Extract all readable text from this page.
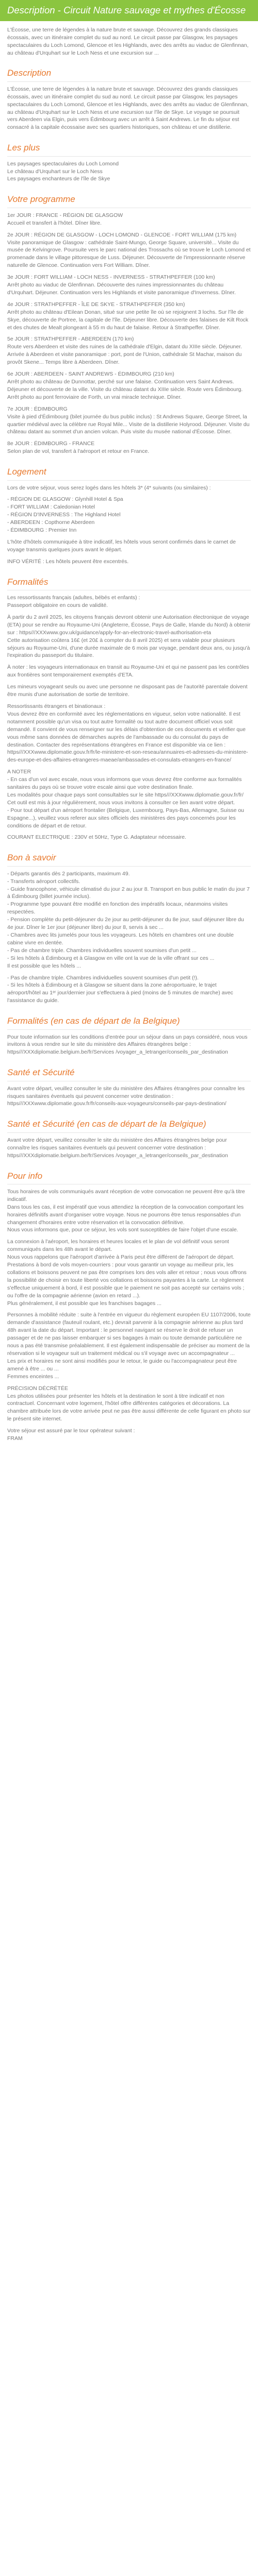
Description - Circuit Nature sauvage et mythes d'Écosse

L'Écosse, une terre de légendes à la nature brute et sauvage. Découvrez des grands classiques écossais, avec un itinéraire complet du sud au nord. Le circuit passe par Glasgow, les paysages spectaculaires du Loch Lomond, Glencoe et les Highlands, avec des arrêts au viaduc de Glenfinnan, au château d'Urquhart sur le Loch Ness et une excursion sur ...

Description

L'Écosse, une terre de légendes à la nature brute et sauvage. Découvrez des grands classiques écossais, avec un itinéraire complet du sud au nord. Le circuit passe par Glasgow, les paysages spectaculaires du Loch Lomond, Glencoe et les Highlands, avec des arrêts au viaduc de Glenfinnan, au château d'Urquhart sur le Loch Ness et une excursion sur l'île de Skye. Le voyage se poursuit vers Aberdeen via Elgin, puis vers Édimbourg avec un arrêt à Saint Andrews. Le fin du séjour est consacré à la capitale écossaise avec ses quartiers historiques, son château et une distillerie.

Les plus

Les paysages spectaculaires du Loch Lomond
Le château d'Urquhart sur le Loch Ness
Les paysages enchanteurs de l'île de Skye

Votre programme

1er JOUR : FRANCE - RÉGION DE GLASGOW
Accueil et transfert à l'hôtel. Dîner libre.

2e JOUR : RÉGION DE GLASGOW - LOCH LOMOND - GLENCOE - FORT WILLIAM (175 km)
Visite panoramique de Glasgow : cathédrale Saint-Mungo, George Square, université... Visite du musée de Kelvingrove. Poursuite vers le parc national des Trossachs où se trouve le Loch Lomond et promenade dans le village pittoresque de Luss. Déjeuner. Découverte de l'impressionnante réserve naturelle de Glencoe. Continuation vers Fort William. Dîner.

3e JOUR : FORT WILLIAM - LOCH NESS - INVERNESS - STRATHPEFFER (100 km)
Arrêt photo au viaduc de Glenfinnan. Découverte des ruines impressionnantes du château d'Urquhart. Déjeuner. Continuation vers les Highlands et visite panoramique d'Inverness. Dîner.

4e JOUR : STRATHPEFFER - ÎLE DE SKYE - STRATHPEFFER (350 km)
Arrêt photo au château d'Eilean Donan, situé sur une petite île où se rejoignent 3 lochs. Sur l'île de Skye, découverte de Portree, la capitale de l'île. Déjeuner libre. Découverte des falaises de Kilt Rock et des chutes de Mealt plongeant à 55 m du haut de falaise. Retour à Strathpeffer. Dîner.

5e JOUR : STRATHPEFFER - ABERDEEN (170 km)
Route vers Aberdeen et visite des ruines de la cathédrale d'Elgin, datant du XIIIe siècle. Déjeuner. Arrivée à Aberdeen et visite panoramique : port, pont de l'Union, cathédrale St Machar, maison du provôt Skene... Temps libre à Aberdeen. Dîner.

6e JOUR : ABERDEEN - SAINT ANDREWS - ÉDIMBOURG (210 km)
Arrêt photo au château de Dunnottar, perché sur une falaise. Continuation vers Saint Andrews. Déjeuner et découverte de la ville. Visite du château datant du XIIIe siècle. Route vers Édimbourg. Arrêt photo au pont ferroviaire de Forth, un vrai miracle technique. Dîner.

7e JOUR : ÉDIMBOURG
Visite à pied d'Édimbourg (bilet journée du bus public inclus) : St Andrews Square, George Street, la quartier médiéval avec la célèbre rue Royal Mile... Visite de la distillerie Holyrood. Déjeuner. Visite du château datant au sommet d'un ancien volcan. Puis visite du musée national d'Écosse. Dîner.

8e JOUR : ÉDIMBOURG - FRANCE
Selon plan de vol, transfert à l'aéroport et retour en France.

Logement

Lors de votre séjour, vous serez logés dans les hôtels 3* (4* suivants (ou similaires) :

- RÉGION DE GLASGOW : Glynhill Hotel & Spa
- FORT WILLIAM : Caledonian Hotel
- RÉGION D'INVERNESS : The Highland Hotel
- ABERDEEN : Copthorne Aberdeen
- ÉDIMBOURG : Premier Inn

L'hôte d'hôtels communiquée à titre indicatif, les hôtels vous seront confirmés dans le carnet de voyage transmis quelques jours avant le départ.

INFO VÉRITÉ : Les hôtels peuvent être excentrés.

Formalités

Les ressortissants français (adultes, bébés et enfants) :
Passeport obligatoire en cours de validité.

À partir du 2 avril 2025, les citoyens français devront obtenir une Autorisation électronique de voyage (ETA) pour se rendre au Royaume-Uni (Angleterre, Écosse, Pays de Galle, Irlande du Nord) à obtenir sur : https///XXXwww.gov.uk/guidance/apply-for-an-electronic-travel-authorisation-eta
Cette autorisation coûtera 16£ (et 20£ à compter du 8 avril 2025) et sera valable pour plusieurs séjours au Royaume-Uni, d'une durée maximale de 6 mois par voyage, pendant deux ans, ou jusqu'à l'expiration du passeport du titulaire.

À noter : les voyageurs internationaux en transit au Royaume-Uni et qui ne passent pas les contrôles aux frontières sont temporairement exemptés d'ETA.

Les mineurs voyageant seuls ou avec une personne ne disposant pas de l'autorité parentale doivent être munis d'une autorisation de sortie de territoire.

Ressortissants étrangers et binationaux :
Vous devrez être en conformité avec les réglementations en vigueur, selon votre nationalité. Il est notamment possible qu'un visa ou tout autre formalité ou tout autre document officiel vous soit demandé. Il convient de vous renseigner sur les délais d'obtention de ces documents et vérifier que vous même sans données de démarches auprès de l'ambassade ou du consulat du pays de destination. Contacter des représentations étrangères en France est disponible via ce lien : https///XXXwww.diplomatie.gouv.fr/fr/le-ministere-et-son-reseau/annuaires-et-adresses-du-ministere-des-europe-et-des-affaires-etrangeres-maeae/ambassades-et-consulats-etrangers-en-france/

A NOTER
- En cas d'un vol avec escale, nous vous informons que vous devrez être conforme aux formalités sanitaires du pays où se trouve votre escale ainsi que votre destination finale.
Les modalités pour chaque pays sont consultables sur le site https///XXXwww.diplomatie.gouv.fr/fr/ Cet outil est mis à jour régulièrement, nous vous invitons à consulter ce lien avant votre départ.
- Pour tout départ d'un aéroport frontalier (Belgique, Luxembourg, Pays-Bas, Allemagne, Suisse ou Espagne...), veuillez vous referer aux sites officiels des ministères des pays concernés pour les conditions de départ et de retour.

COURANT ELECTRIQUE : 230V et 50Hz, Type G. Adaptateur nécessaire.

Bon à savoir

- Départs garantis dès 2 participants, maximum 49.
- Transferts aéroport collectifs.
- Guide francophone, véhicule climatisé du jour 2 au jour 8. Transport en bus public le matin du jour 7 à Édimbourg (billet journée inclus).
- Programme type pouvant être modifié en fonction des impératifs locaux, néanmoins visites respectées.
- Pension complète du petit-déjeuner du 2e jour au petit-déjeuner du 8e jour, sauf déjeuner libre du 4e jour. Dîner le 1er jour (déjeuner libre) du jour 8, servis à sec ...
- Chambres avec lits jumelés pour tous les voyageurs. Les hôtels en chambres ont une double cabine vivre en dentée.
- Pas de chambre triple. Chambres individuelles souvent soumises d'un petit ...
- Si les hôtels à Édimbourg et à Glasgow en ville ont la vue de la ville offrant sur ces ...
Il est possible que les hôtels ...

- Pas de chambre triple. Chambres individuelles souvent soumises d'un petit (!).
- Si les hôtels à Édimbourg et à Glasgow se situent dans la zone aéroportuaire, le trajet aéroport/hôtel au 1ᵉʳ jour/dernier jour s'effectuera à pied (moins de 5 minutes de marche) avec l'assistance du guide.

Formalités (en cas de départ de la Belgique)

Pour toute information sur les conditions d'entrée pour un séjour dans un pays considéré, nous vous invitons à vous rendre sur le site du ministère des Affaires étrangères belge : https///XXXdiplomatie.belgium.be/fr/Services /voyager_a_letranger/conseils_par_destination

Santé et Sécurité

Avant votre départ, veuillez consulter le site du ministère des Affaires étrangères pour connaître les risques sanitaires éventuels qui peuvent concerner votre destination : https///XXXwww.diplomatie.gouv.fr/fr/conseils-aux-voyageurs/conseils-par-pays-destination/

Santé et Sécurité (en cas de départ de la Belgique)

Avant votre départ, veuillez consulter le site du ministère des Affaires étrangères belge pour connaître les risques sanitaires éventuels qui peuvent concerner votre destination : https///XXXdiplomatie.belgium.be/fr/Services /voyager_a_letranger/conseils_par_destination

Pour info

Tous horaires de vols communiqués avant réception de votre convocation ne peuvent être qu'à titre indicatif.
Dans tous les cas, il est impératif que vous attendiez la réception de la convocation comportant les horaires définitifs avant d'organiser votre voyage. Nous ne pourrons être tenus responsables d'un changement d'horaires entre votre réservation et la convocation définitive.
Nous vous informons que, pour ce séjour, les vols sont susceptibles de faire l'objet d'une escale.

La connexion à l'aéroport, les horaires et heures locales et le plan de vol définitif vous seront communiqués dans les 48h avant le départ.
Nous vous rappelons que l'aéroport d'arrivée à Paris peut être différent de l'aéroport de départ.
Prestations à bord de vols moyen-courriers : pour vous garantir un voyage au meilleur prix, les collations et boissons peuvent ne pas être comprises lors des vols aller et retour ; nous vous offrons la possibilité de choisir en toute liberté vos collations et boissons payantes à la carte. Le règlement s'effectue uniquement à bord, il est possible que le paiement ne soit pas accepté sur certains vols ; ou l'offre de la compagnie aérienne (avion en retard ...).
Plus généralement, il est possible que les franchises bagages ...

Personnes à mobilité réduite : suite à l'entrée en vigueur du règlement européen EU 1107/2006, toute demande d'assistance (fauteuil roulant, etc.) devrait parvenir à la compagnie aérienne au plus tard 48h avant la date du départ. Important : le personnel navigant se réserve le droit de refuser un passager et de ne pas laisser embarquer si ses bagages à main ou toute demande particulière ne nous a pas été transmise préalablement. Il est également indispensable de préciser au moment de la réservation si le voyageur suit un traitement médical ou s'il voyage avec un accompagnateur ...
Les prix et horaires ne sont ainsi modifiés pour le retour, le guide ou l'accompagnateur peut être amené à être ... ou ...
Femmes enceintes ...

PRÉCISION DÉCRÉTÉE
Les photos utilisées pour présenter les hôtels et la destination le sont à titre indicatif et non contractuel. Concernant votre logement, l'hôtel offre différentes catégories et décorations. La chambre attribuée lors de votre arrivée peut ne pas être aussi différente de celle figurant en photo sur le présent site internet.

Votre séjour est assuré par le tour opérateur suivant :
FRAM
